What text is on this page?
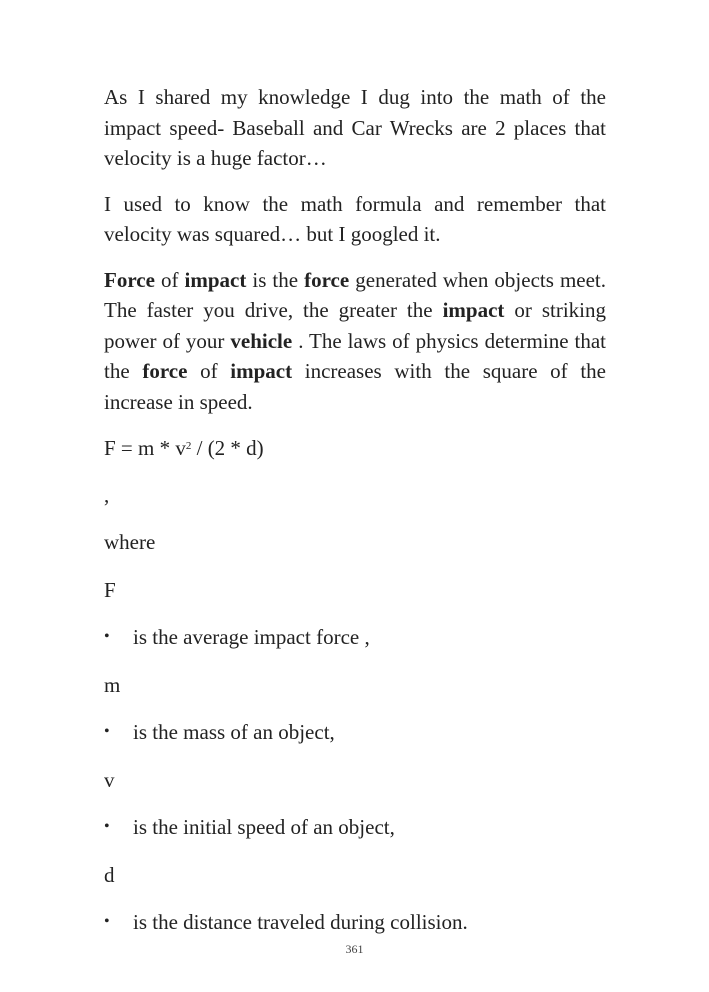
As I shared my knowledge I dug into the math of the impact speed- Baseball and Car Wrecks are 2 places that velocity is a huge factor…

I used to know the math formula and remember that velocity was squared… but I googled it.

Force of impact is the force generated when objects meet. The faster you drive, the greater the impact or striking power of your vehicle . The laws of physics determine that the force of impact increases with the square of the increase in speed.

$F = m * v^2 / (2 * d)$

,

where

F

• is the average impact force ,

m

• is the mass of an object,

v

• is the initial speed of an object,

d

• is the distance traveled during collision.

361
